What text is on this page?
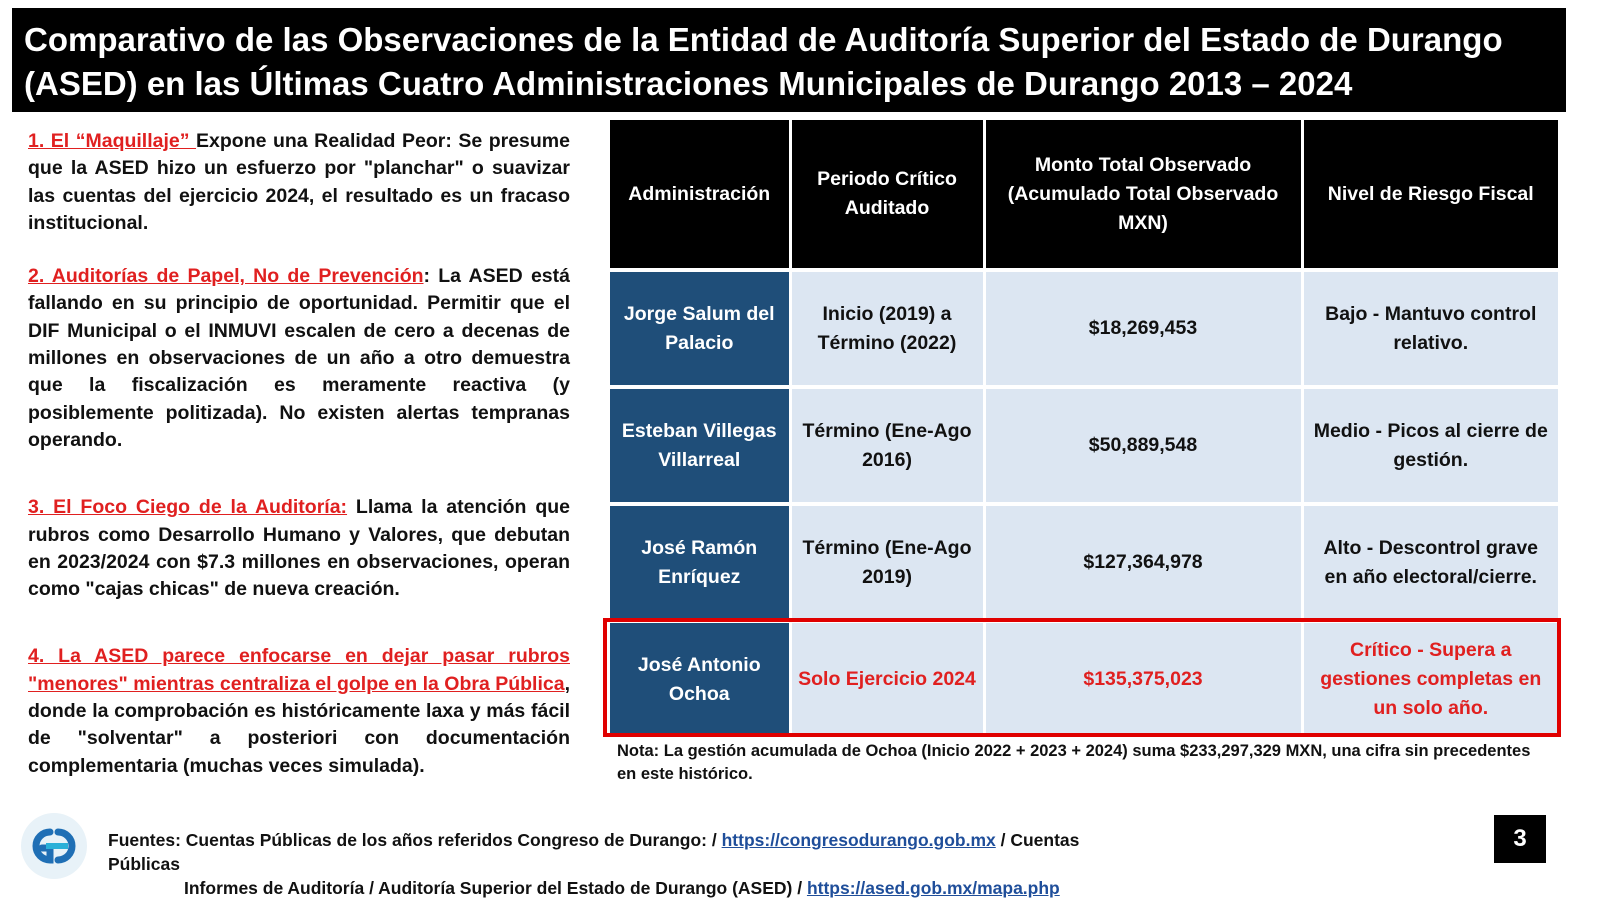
Comparativo de las Observaciones de la Entidad de Auditoría Superior del Estado de Durango
(ASED) en las Últimas Cuatro Administraciones Municipales de Durango 2013 – 2024

1. El “Maquillaje” Expone una Realidad Peor: Se presume que la ASED hizo un esfuerzo por "planchar" o suavizar las cuentas del ejercicio 2024, el resultado es un fracaso institucional.

2. Auditorías de Papel, No de Prevención: La ASED está fallando en su principio de oportunidad. Permitir que el DIF Municipal o el INMUVI escalen de cero a decenas de millones en observaciones de un año a otro demuestra que la fiscalización es meramente reactiva (y posiblemente politizada). No existen alertas tempranas operando.

3. El Foco Ciego de la Auditoría: Llama la atención que rubros como Desarrollo Humano y Valores, que debutan en 2023/2024 con $7.3 millones en observaciones, operan como "cajas chicas" de nueva creación.

4. La ASED parece enfocarse en dejar pasar rubros "menores" mientras centraliza el golpe en la Obra Pública, donde la comprobación es históricamente laxa y más fácil de "solventar" a posteriori con documentación complementaria (muchas veces simulada).

Administración	Periodo Crítico Auditado	Monto Total Observado (Acumulado Total Observado MXN)	Nivel de Riesgo Fiscal
Jorge Salum del Palacio	Inicio (2019) a Término (2022)	$18,269,453	Bajo - Mantuvo control relativo.
Esteban Villegas Villarreal	Término (Ene-Ago 2016)	$50,889,548	Medio - Picos al cierre de gestión.
José Ramón Enríquez	Término (Ene-Ago 2019)	$127,364,978	Alto - Descontrol grave en año electoral/cierre.
José Antonio Ochoa	Solo Ejercicio 2024	$135,375,023	Crítico - Supera a gestiones completas en un solo año.
Nota: La gestión acumulada de Ochoa (Inicio 2022 + 2023 + 2024) suma $233,297,329 MXN, una cifra sin precedentes en este histórico.
Fuentes: Cuentas Públicas de los años referidos Congreso de Durango: / https://congresodurango.gob.mx / Cuentas Públicas
Informes de Auditoría / Auditoría Superior del Estado de Durango (ASED) / https://ased.gob.mx/mapa.php
3
